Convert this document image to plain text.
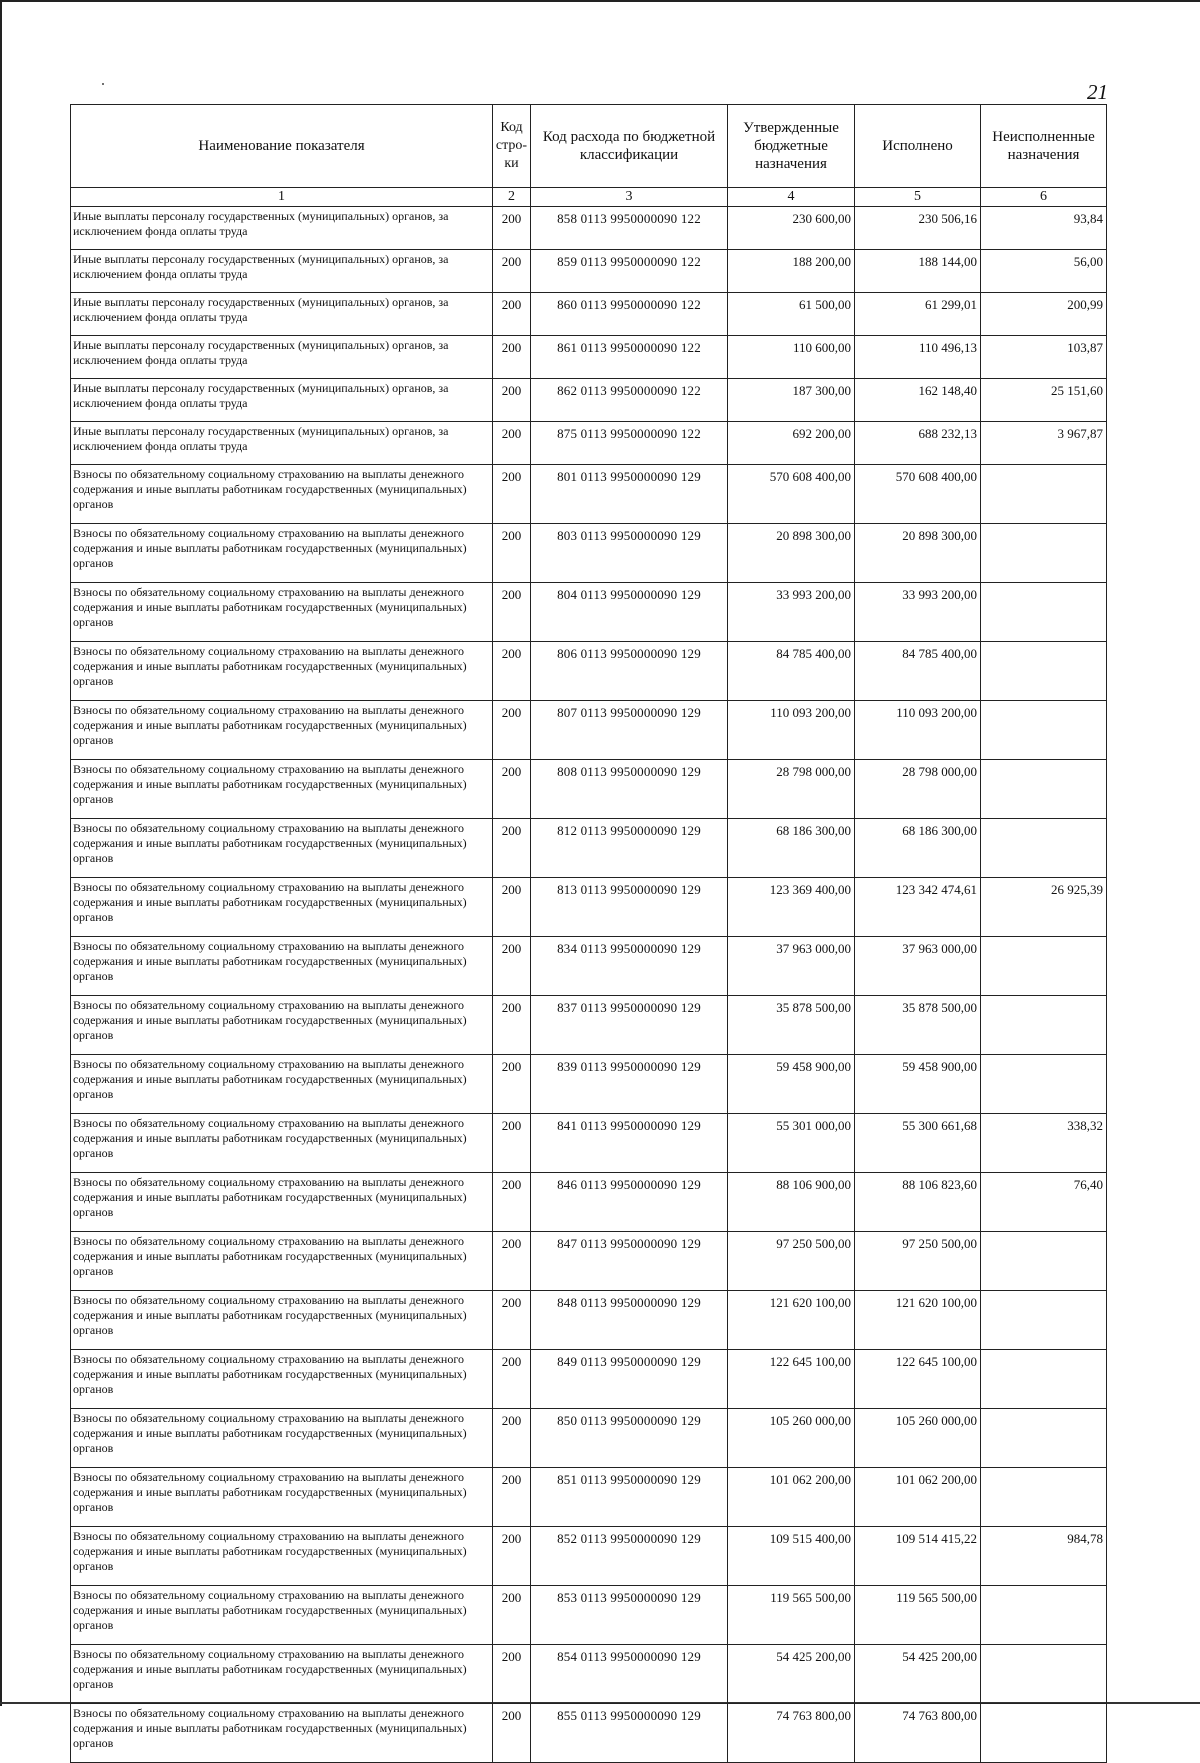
21
Наименование показателя	Код стро- ки	Код расхода по бюджетной классификации	Утвержденные бюджетные назначения	Исполнено	Неисполненные назначения
1	2	3	4	5	6
Иные выплаты персоналу государственных (муниципальных) органов, за исключением фонда оплаты труда	200	858 0113 9950000090 122	230 600,00	230 506,16	93,84
Иные выплаты персоналу государственных (муниципальных) органов, за исключением фонда оплаты труда	200	859 0113 9950000090 122	188 200,00	188 144,00	56,00
Иные выплаты персоналу государственных (муниципальных) органов, за исключением фонда оплаты труда	200	860 0113 9950000090 122	61 500,00	61 299,01	200,99
Иные выплаты персоналу государственных (муниципальных) органов, за исключением фонда оплаты труда	200	861 0113 9950000090 122	110 600,00	110 496,13	103,87
Иные выплаты персоналу государственных (муниципальных) органов, за исключением фонда оплаты труда	200	862 0113 9950000090 122	187 300,00	162 148,40	25 151,60
Иные выплаты персоналу государственных (муниципальных) органов, за исключением фонда оплаты труда	200	875 0113 9950000090 122	692 200,00	688 232,13	3 967,87
Взносы по обязательному социальному страхованию на выплаты денежного содержания и иные выплаты работникам государственных (муниципальных) органов	200	801 0113 9950000090 129	570 608 400,00	570 608 400,00	
Взносы по обязательному социальному страхованию на выплаты денежного содержания и иные выплаты работникам государственных (муниципальных) органов	200	803 0113 9950000090 129	20 898 300,00	20 898 300,00	
Взносы по обязательному социальному страхованию на выплаты денежного содержания и иные выплаты работникам государственных (муниципальных) органов	200	804 0113 9950000090 129	33 993 200,00	33 993 200,00	
Взносы по обязательному социальному страхованию на выплаты денежного содержания и иные выплаты работникам государственных (муниципальных) органов	200	806 0113 9950000090 129	84 785 400,00	84 785 400,00	
Взносы по обязательному социальному страхованию на выплаты денежного содержания и иные выплаты работникам государственных (муниципальных) органов	200	807 0113 9950000090 129	110 093 200,00	110 093 200,00	
Взносы по обязательному социальному страхованию на выплаты денежного содержания и иные выплаты работникам государственных (муниципальных) органов	200	808 0113 9950000090 129	28 798 000,00	28 798 000,00	
Взносы по обязательному социальному страхованию на выплаты денежного содержания и иные выплаты работникам государственных (муниципальных) органов	200	812 0113 9950000090 129	68 186 300,00	68 186 300,00	
Взносы по обязательному социальному страхованию на выплаты денежного содержания и иные выплаты работникам государственных (муниципальных) органов	200	813 0113 9950000090 129	123 369 400,00	123 342 474,61	26 925,39
Взносы по обязательному социальному страхованию на выплаты денежного содержания и иные выплаты работникам государственных (муниципальных) органов	200	834 0113 9950000090 129	37 963 000,00	37 963 000,00	
Взносы по обязательному социальному страхованию на выплаты денежного содержания и иные выплаты работникам государственных (муниципальных) органов	200	837 0113 9950000090 129	35 878 500,00	35 878 500,00	
Взносы по обязательному социальному страхованию на выплаты денежного содержания и иные выплаты работникам государственных (муниципальных) органов	200	839 0113 9950000090 129	59 458 900,00	59 458 900,00	
Взносы по обязательному социальному страхованию на выплаты денежного содержания и иные выплаты работникам государственных (муниципальных) органов	200	841 0113 9950000090 129	55 301 000,00	55 300 661,68	338,32
Взносы по обязательному социальному страхованию на выплаты денежного содержания и иные выплаты работникам государственных (муниципальных) органов	200	846 0113 9950000090 129	88 106 900,00	88 106 823,60	76,40
Взносы по обязательному социальному страхованию на выплаты денежного содержания и иные выплаты работникам государственных (муниципальных) органов	200	847 0113 9950000090 129	97 250 500,00	97 250 500,00	
Взносы по обязательному социальному страхованию на выплаты денежного содержания и иные выплаты работникам государственных (муниципальных) органов	200	848 0113 9950000090 129	121 620 100,00	121 620 100,00	
Взносы по обязательному социальному страхованию на выплаты денежного содержания и иные выплаты работникам государственных (муниципальных) органов	200	849 0113 9950000090 129	122 645 100,00	122 645 100,00	
Взносы по обязательному социальному страхованию на выплаты денежного содержания и иные выплаты работникам государственных (муниципальных) органов	200	850 0113 9950000090 129	105 260 000,00	105 260 000,00	
Взносы по обязательному социальному страхованию на выплаты денежного содержания и иные выплаты работникам государственных (муниципальных) органов	200	851 0113 9950000090 129	101 062 200,00	101 062 200,00	
Взносы по обязательному социальному страхованию на выплаты денежного содержания и иные выплаты работникам государственных (муниципальных) органов	200	852 0113 9950000090 129	109 515 400,00	109 514 415,22	984,78
Взносы по обязательному социальному страхованию на выплаты денежного содержания и иные выплаты работникам государственных (муниципальных) органов	200	853 0113 9950000090 129	119 565 500,00	119 565 500,00	
Взносы по обязательному социальному страхованию на выплаты денежного содержания и иные выплаты работникам государственных (муниципальных) органов	200	854 0113 9950000090 129	54 425 200,00	54 425 200,00	
Взносы по обязательному социальному страхованию на выплаты денежного содержания и иные выплаты работникам государственных (муниципальных) органов	200	855 0113 9950000090 129	74 763 800,00	74 763 800,00	
